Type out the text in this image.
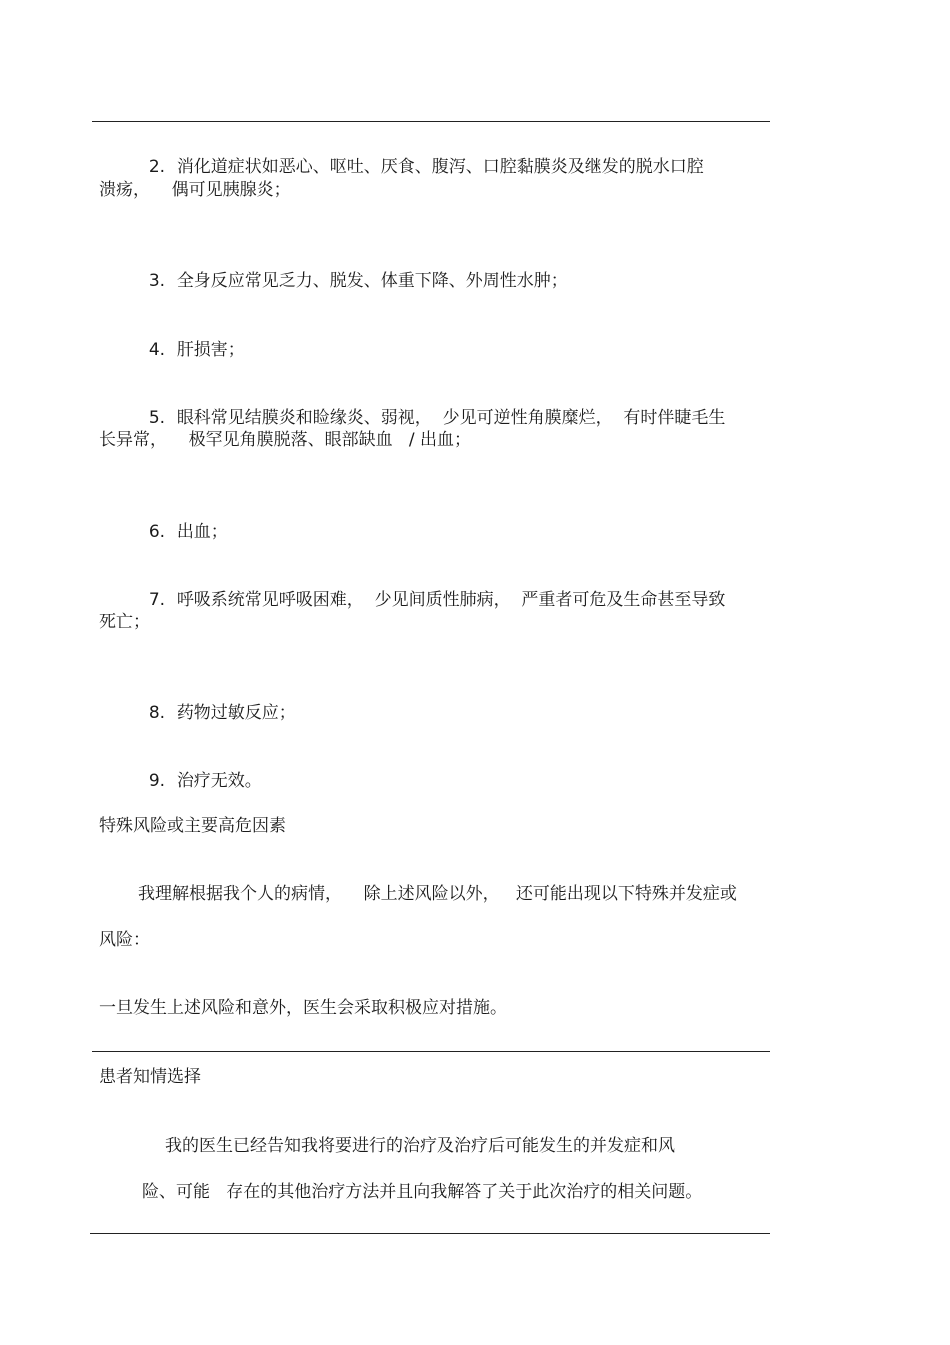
2. 消化道症状如恶心、呕吐、厌食、腹泻、口腔黏膜炎及继发的脱水口腔

溃疡，    偶可见胰腺炎；

3. 全身反应常见乏力、脱发、体重下降、外周性水肿；

4. 肝损害；

5. 眼科常见结膜炎和睑缘炎、弱视，  少见可逆性角膜糜烂，  有时伴睫毛生

长异常，    极罕见角膜脱落、眼部缺血   / 出血；

6. 出血；

7. 呼吸系统常见呼吸困难，  少见间质性肺病，  严重者可危及生命甚至导致

死亡；

8. 药物过敏反应；

9. 治疗无效。

特殊风险或主要高危因素
我理解根据我个人的病情，    除上述风险以外，   还可能出现以下特殊并发症或
风险：
一旦发生上述风险和意外，医生会采取积极应对措施。
患者知情选择
我的医生已经告知我将要进行的治疗及治疗后可能发生的并发症和风
险、可能   存在的其他治疗方法并且向我解答了关于此次治疗的相关问题。
